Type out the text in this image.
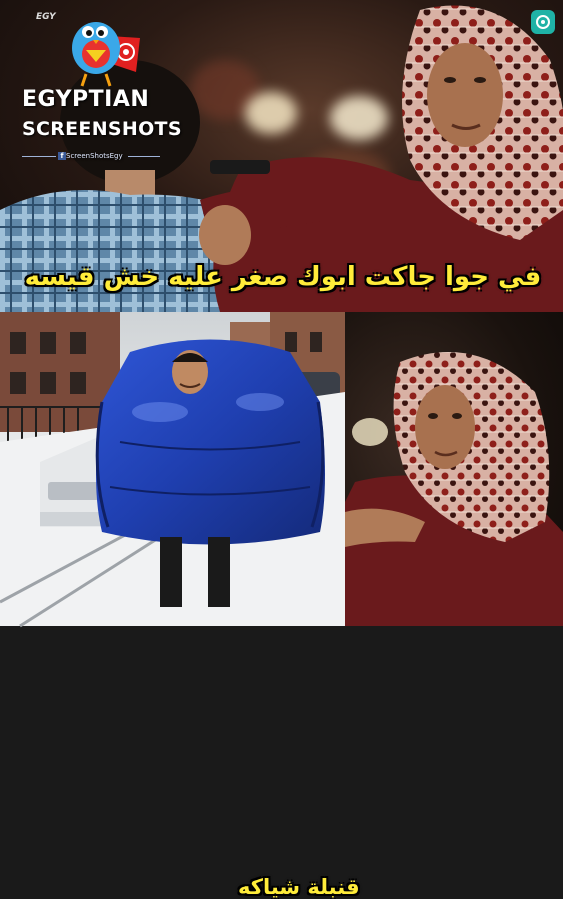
EGY
EGYPTIAN
SCREENSHOTS
f ScreenShotsEgy
في جوا جاكت ابوك صغر عليه خش قيسه
قنبلة شياكه
